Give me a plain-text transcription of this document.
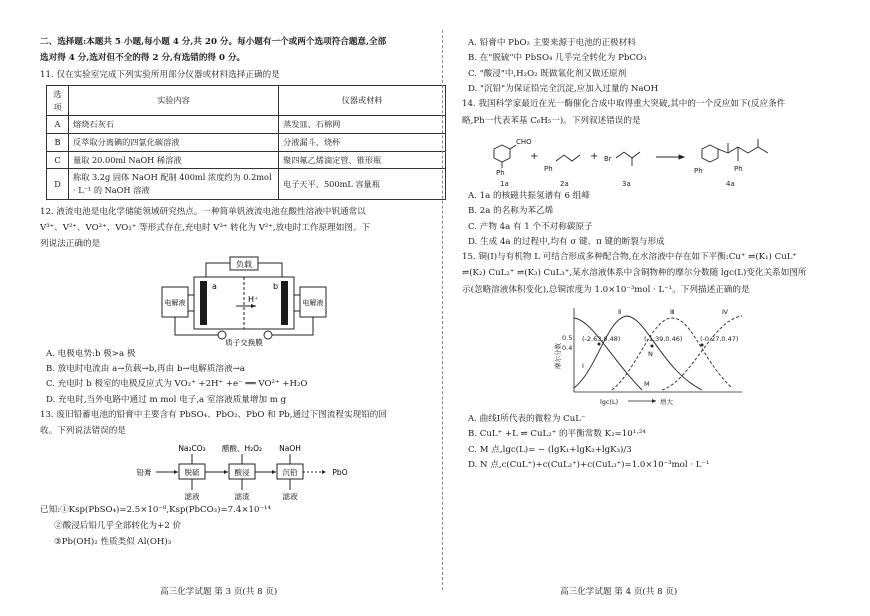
二、选择题:本题共 5 小题,每小题 4 分,共 20 分。每小题有一个或两个选项符合题意,全部

选对得 4 分,选对但不全的得 2 分,有选错的得 0 分。

11. 仅在实验室完成下列实验所用部分仪器或材料选择正确的是

选项	实验内容	仪器或材料
A	熔烧石灰石	蒸发皿、石棉网
B	反萃取分离碘的四氯化碳溶液	分液漏斗、烧杯
C	量取 20.00ml NaOH 稀溶液	聚四氟乙烯滴定管、锥形瓶
D	称取 3.2g 固体 NaOH 配制 400ml 浓度约为 0.2mol · L⁻¹ 的 NaOH 溶液	电子天平、500mL 容量瓶

12. 液流电池是电化学储能领域研究热点。一种简单钒液流电池在酸性溶液中钒通常以

V³⁺、V²⁺、VO²⁺、VO₂⁺ 等形式存在,充电时 V³⁺ 转化为 V²⁺,放电时工作原理如图。下

列说法正确的是

负载
a	b
H⁺
电解液	电解液
质子交换膜

A. 电极电势:b 极>a 极

B. 放电时电流由 a→负载→b,再由 b→电解质溶液→a

C. 充电时 b 极室的电极反应式为 VO₂⁺ +2H⁺ +e⁻ ══ VO²⁺ +H₂O

D. 充电时,当外电路中通过 m mol 电子,a 室溶液质量增加 m g

13. 废旧铅蓄电池的铅膏中主要含有 PbSO₄、PbO₂、PbO 和 Pb,通过下图流程实现铅的回

收。下列说法错误的是

Na₂CO₃ 醋酸、H₂O₂ NaOH
铅膏	脱硫	酸浸	沉铅	PbO
滤液	滤渣	滤液

已知:①Ksp(PbSO₄)=2.5×10⁻⁸,Ksp(PbCO₃)=7.4×10⁻¹⁴

②酸浸后铅几乎全部转化为+2 价

③Pb(OH)₂ 性质类似 Al(OH)₃

A. 铅膏中 PbO₂ 主要来源于电池的正极材料

B. 在"脱硫"中 PbSO₄ 几乎完全转化为 PbCO₃

C. "酸浸"中,H₂O₂ 既做氧化剂又做还原剂

D. "沉铅"为保证铅完全沉淀,应加入过量的 NaOH

14. 我国科学家最近在光一酶催化合成中取得重大突破,其中的一个反应如下(反应条件

略,Ph一代表苯基 C₆H₅一)。下列叙述错误的是

CHO
Ph
1a
+
Ph
2a
+ Br
3a
Ph	Ph
4a

A. 1a 的核磁共振氢谱有 6 组峰

B. 2a 的名称为苯乙烯

C. 产物 4a 有 1 个不对称碳原子

D. 生成 4a 的过程中,均有 σ 键、π 键的断裂与形成

15. 铜(Ⅰ)与有机物 L 可结合形成多种配合物,在水溶液中存在如下平衡:Cu⁺ ⇌(K₁) CuL⁺

⇌(K₂) CuL₂⁺ ⇌(K₃) CuL₃⁺,某水溶液体系中含铜物种的摩尔分数随 lgc(L)变化关系如图所

示(忽略溶液体积变化),总铜浓度为 1.0×10⁻³mol · L⁻¹。下列描述正确的是

摩尔分数
0.5
0.4
Ⅰ
Ⅱ	Ⅲ	Ⅳ
(-2.63,0.48)	(-1.39,0.46)	(-0.27,0.47)
N
M
lgc(L)	增大

A. 曲线Ⅰ所代表的微粒为 CuL⁻

B. CuL⁺ +L ⇌ CuL₂⁺ 的平衡常数 K₂=10¹·²⁴

C. M 点,lgc(L)= − (lgK₁+lgK₂+lgK₃)/3

D. N 点,c(CuL⁺)+c(CuL₂⁺)+c(CuL₃⁺)=1.0×10⁻³mol · L⁻¹

高三化学试题 第 3 页(共 8 页)	高三化学试题 第 4 页(共 8 页)
